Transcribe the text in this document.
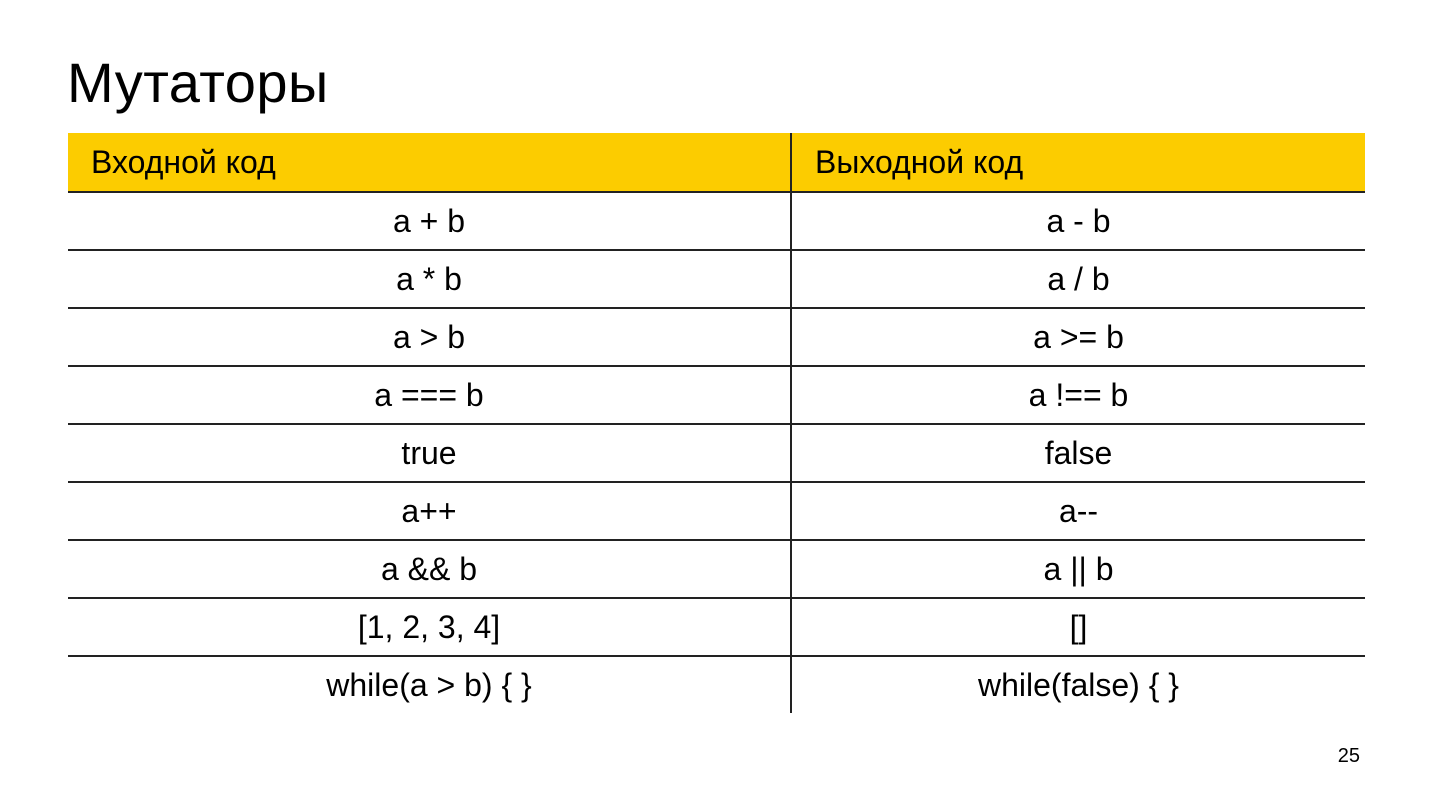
Мутаторы
Входной код	Выходной код
a + b	a - b
a * b	a / b
a > b	a >= b
a === b	a !== b
true	false
a++	a--
a && b	a || b
[1, 2, 3, 4]	[]
while(a > b) { }	while(false) { }
25
